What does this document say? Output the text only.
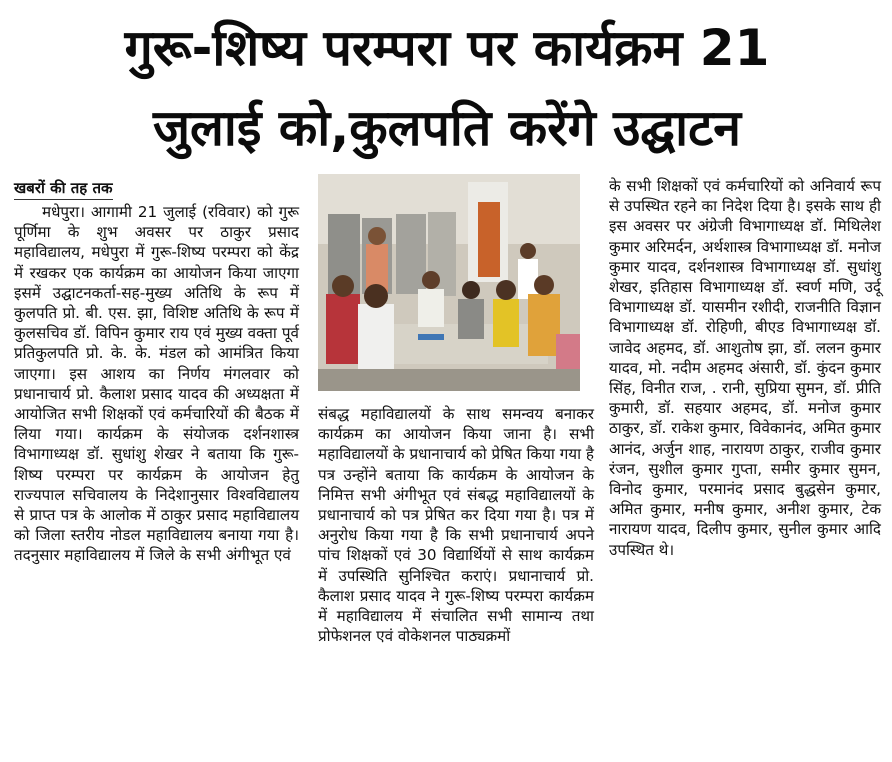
गुरू-शिष्य परम्परा पर कार्यक्रम 21
जुलाई को,कुलपति करेंगे उद्घाटन
खबरों की तह तक

मधेपुरा। आगामी 21 जुलाई (रविवार) को गुरू पूर्णिमा के शुभ अवसर पर ठाकुर प्रसाद महाविद्यालय, मधेपुरा में गुरू-शिष्य परम्परा को केंद्र में रखकर एक कार्यक्रम का आयोजन किया जाएगा इसमें उद्घाटनकर्ता-सह-मुख्य अतिथि के रूप में कुलपति प्रो. बी. एस. झा, विशिष्ट अतिथि के रूप में कुलसचिव डॉ. विपिन कुमार राय एवं मुख्य वक्ता पूर्व प्रतिकुलपति प्रो. के. के. मंडल को आमंत्रित किया जाएगा। इस आशय का निर्णय मंगलवार को प्रधानाचार्य प्रो. कैलाश प्रसाद यादव की अध्यक्षता में आयोजित सभी शिक्षकों एवं कर्मचारियों की बैठक में लिया गया। कार्यक्रम के संयोजक दर्शनशास्त्र विभागाध्यक्ष डॉ. सुधांशु शेखर ने बताया कि गुरू-शिष्य परम्परा पर कार्यक्रम के आयोजन हेतु राज्यपाल सचिवालय के निदेशानुसार विश्वविद्यालय से प्राप्त पत्र के आलोक में ठाकुर प्रसाद महाविद्यालय को जिला स्तरीय नोडल महाविद्यालय बनाया गया है। तदनुसार महाविद्यालय में जिले के सभी अंगीभूत एवं

संबद्ध महाविद्यालयों के साथ समन्वय बनाकर कार्यक्रम का आयोजन किया जाना है। सभी महाविद्यालयों के प्रधानाचार्य को प्रेषित किया गया है पत्र उन्होंने बताया कि कार्यक्रम के आयोजन के निमित्त सभी अंगीभूत एवं संबद्ध महाविद्यालयों के प्रधानाचार्य को पत्र प्रेषित कर दिया गया है। पत्र में अनुरोध किया गया है कि सभी प्रधानाचार्य अपने पांच शिक्षकों एवं 30 विद्यार्थियों से साथ कार्यक्रम में उपस्थिति सुनिश्चित कराएं। प्रधानाचार्य प्रो. कैलाश प्रसाद यादव ने गुरू-शिष्य परम्परा कार्यक्रम में महाविद्यालय में संचालित सभी सामान्य तथा प्रोफेशनल एवं वोकेशनल पाठ्यक्रमों

के सभी शिक्षकों एवं कर्मचारियों को अनिवार्य रूप से उपस्थित रहने का निदेश दिया है। इसके साथ ही इस अवसर पर अंग्रेजी विभागाध्यक्ष डॉ. मिथिलेश कुमार अरिमर्दन, अर्थशास्त्र विभागाध्यक्ष डॉ. मनोज कुमार यादव, दर्शनशास्त्र विभागाध्यक्ष डॉ. सुधांशु शेखर, इतिहास विभागाध्यक्ष डॉ. स्वर्ण मणि, उर्दू विभागाध्यक्ष डॉ. यासमीन रशीदी, राजनीति विज्ञान विभागाध्यक्ष डॉ. रोहिणी, बीएड विभागाध्यक्ष डॉ. जावेद अहमद, डॉ. आशुतोष झा, डॉ. ललन कुमार यादव, मो. नदीम अहमद अंसारी, डॉ. कुंदन कुमार सिंह, विनीत राज, . रानी, सुप्रिया सुमन, डॉ. प्रीति कुमारी, डॉ. सहयार अहमद, डॉ. मनोज कुमार ठाकुर, डॉ. राकेश कुमार, विवेकानंद, अमित कुमार आनंद, अर्जुन शाह, नारायण ठाकुर, राजीव कुमार रंजन, सुशील कुमार गुप्ता, समीर कुमार सुमन, विनोद कुमार, परमानंद प्रसाद बुद्धसेन कुमार, अमित कुमार, मनीष कुमार, अनीश कुमार, टेक नारायण यादव, दिलीप कुमार, सुनील कुमार आदि उपस्थित थे।
